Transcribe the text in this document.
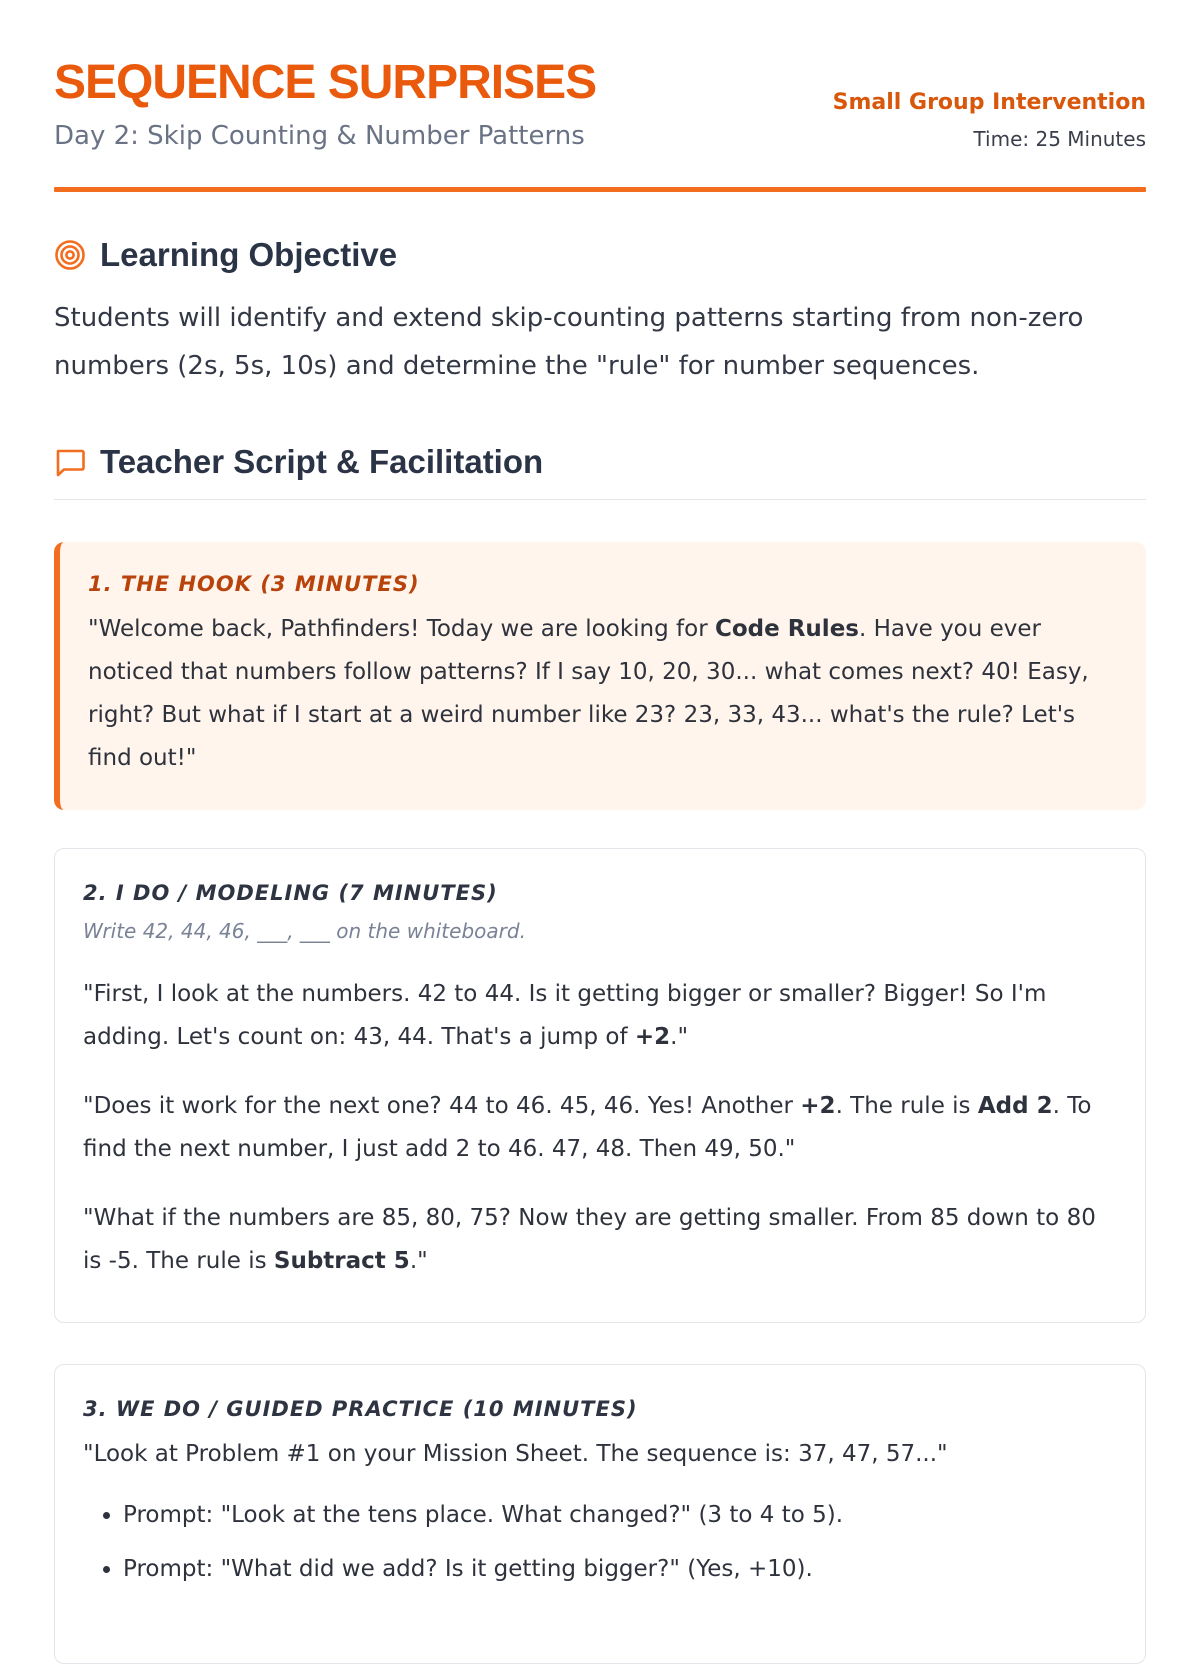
SEQUENCE SURPRISES
Day 2: Skip Counting & Number Patterns
Small Group Intervention
Time: 25 Minutes
Learning Objective

Students will identify and extend skip-counting patterns starting from non-zero numbers (2s, 5s, 10s) and determine the "rule" for number sequences.

Teacher Script & Facilitation
1. THE HOOK (3 MINUTES)

"Welcome back, Pathfinders! Today we are looking for Code Rules. Have you ever noticed that numbers follow patterns? If I say 10, 20, 30... what comes next? 40! Easy, right? But what if I start at a weird number like 23? 23, 33, 43... what's the rule? Let's find out!"

2. I DO / MODELING (7 MINUTES)
Write 42, 44, 46, ___, ___ on the whiteboard.

"First, I look at the numbers. 42 to 44. Is it getting bigger or smaller? Bigger! So I'm adding. Let's count on: 43, 44. That's a jump of +2."

"Does it work for the next one? 44 to 46. 45, 46. Yes! Another +2. The rule is Add 2. To find the next number, I just add 2 to 46. 47, 48. Then 49, 50."

"What if the numbers are 85, 80, 75? Now they are getting smaller. From 85 down to 80 is -5. The rule is Subtract 5."

3. WE DO / GUIDED PRACTICE (10 MINUTES)

"Look at Problem #1 on your Mission Sheet. The sequence is: 37, 47, 57..."

• Prompt: "Look at the tens place. What changed?" (3 to 4 to 5).
• Prompt: "What did we add? Is it getting bigger?" (Yes, +10).
